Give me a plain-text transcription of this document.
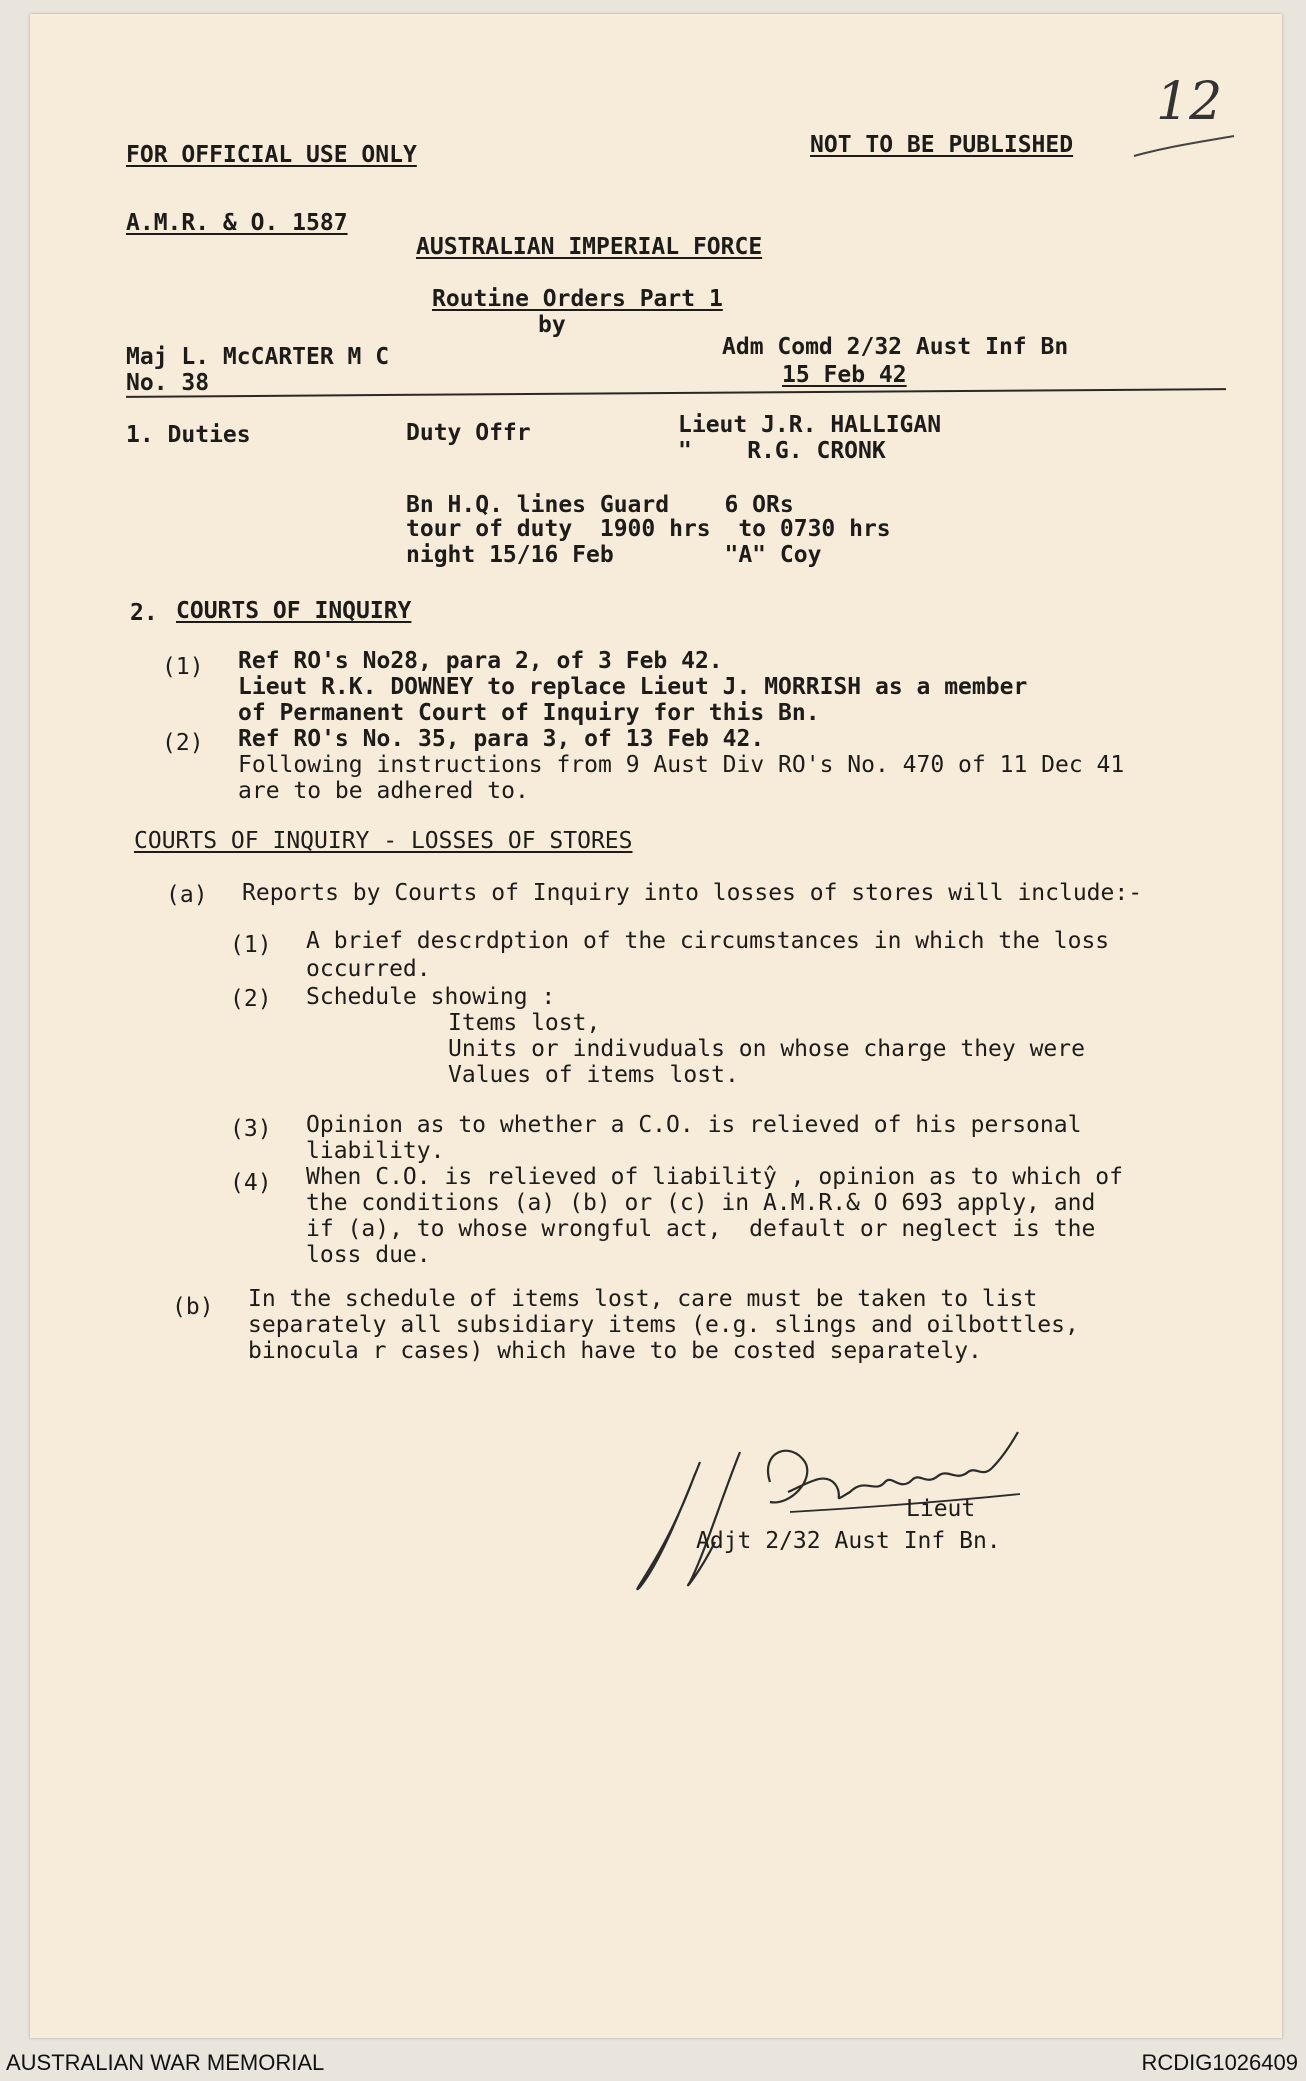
12
FOR OFFICIAL USE ONLY	NOT TO BE PUBLISHED
A.M.R. & O. 1587
AUSTRALIAN IMPERIAL FORCE
Routine Orders Part 1
by
Maj L. McCARTER M C	Adm Comd 2/32 Aust Inf Bn
No. 38	15 Feb 42
1. Duties	Duty Offr	Lieut J.R. HALLIGAN
"    R.G. CRONK
Bn H.Q. lines Guard    6 ORs
tour of duty  1900 hrs  to 0730 hrs
night 15/16 Feb        "A" Coy
2. COURTS OF INQUIRY
(1) Ref RO's No28, para 2, of 3 Feb 42.
Lieut R.K. DOWNEY to replace Lieut J. MORRISH as a member
of Permanent Court of Inquiry for this Bn.
(2) Ref RO's No. 35, para 3, of 13 Feb 42.
Following instructions from 9 Aust Div RO's No. 470 of 11 Dec 41
are to be adhered to.
COURTS OF INQUIRY - LOSSES OF STORES
(a) Reports by Courts of Inquiry into losses of stores will include:-
(1) A brief descrdption of the circumstances in which the loss
occurred.
(2) Schedule showing :
Items lost,
Units or indivuduals on whose charge they were
Values of items lost.
(3) Opinion as to whether a C.O. is relieved of his personal
liability.
(4) When C.O. is relieved of liabilitŷ , opinion as to which of
the conditions (a) (b) or (c) in A.M.R.& O 693 apply, and
if (a), to whose wrongful act,  default or neglect is the
loss due.
(b) In the schedule of items lost, care must be taken to list
separately all subsidiary items (e.g. slings and oilbottles,
binocula r cases) which have to be costed separately.
Lieut
Adjt 2/32 Aust Inf Bn.
AUSTRALIAN WAR MEMORIAL	RCDIG1026409
